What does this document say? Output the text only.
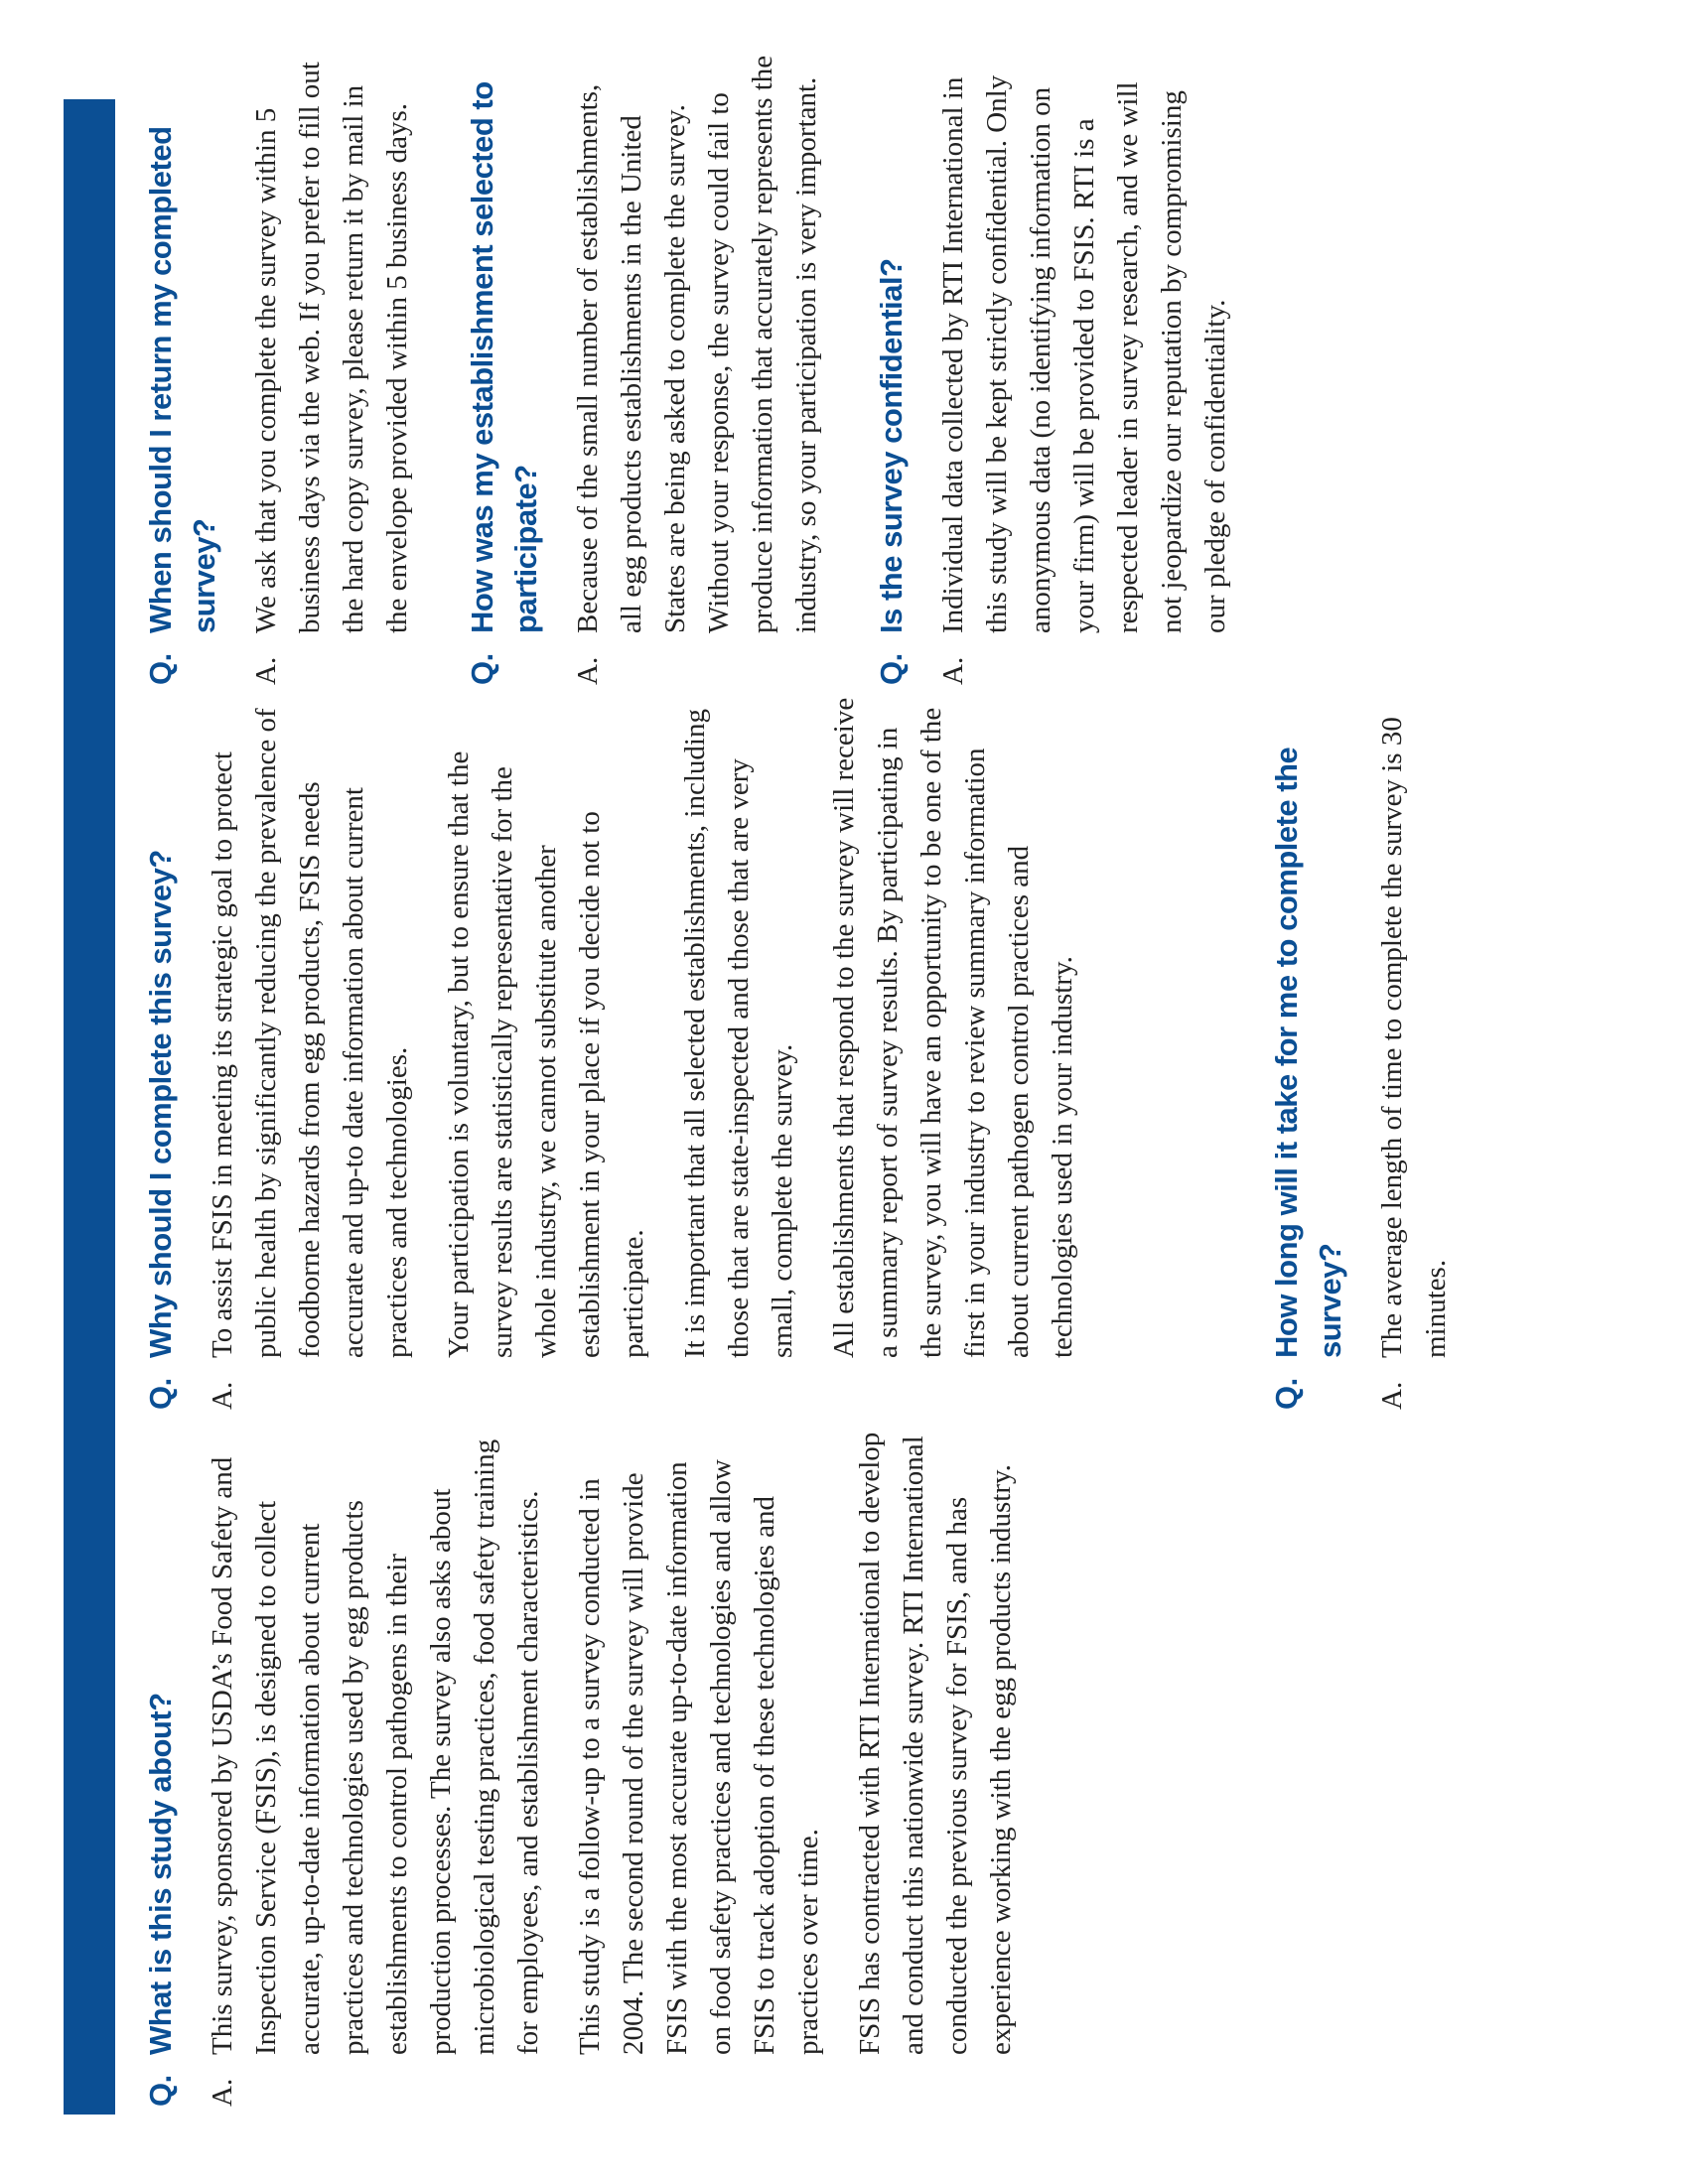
Q.
What is this study about?
A.

This survey, sponsored by USDA’s Food Safety and Inspection Service (FSIS), is designed to collect accurate, up-to-date information about current practices and technologies used by egg products establishments to control pathogens in their production processes. The survey also asks about microbiological testing practices, food safety training for employees, and establishment characteristics. This study is a follow-up to a survey conducted in 2004. The second round of the survey will provide FSIS with the most accurate up-to-date information on food safety practices and technologies and allow FSIS to track adoption of these technologies and practices over time. FSIS has contracted with RTI International to develop and conduct this nationwide survey. RTI International conducted the previous survey for FSIS, and has experience working with the egg products industry.

Q.
Why should I complete this survey?
A.

To assist FSIS in meeting its strategic goal to protect public health by significantly reducing the prevalence of foodborne hazards from egg products, FSIS needs accurate and up-to date information about current practices and technologies. Your participation is voluntary, but to ensure that the survey results are statistically representative for the whole industry, we cannot substitute another establishment in your place if you decide not to participate. It is important that all selected establishments, including those that are state-inspected and those that are very small, complete the survey. All establishments that respond to the survey will receive a summary report of survey results. By participating in the survey, you will have an opportunity to be one of the first in your industry to review summary information about current pathogen control practices and technologies used in your industry.

Q.
How long will it take for me to complete the survey?
A.

The average length of time to complete the survey is 30 minutes.

Q.
When should I return my completed survey?
A.

We ask that you complete the survey within 5 business days via the web. If you prefer to fill out the hard copy survey, please return it by mail in the envelope provided within 5 business days.

Q.
How was my establishment selected to participate?
A.

Because of the small number of establishments, all egg products establishments in the United States are being asked to complete the survey. Without your response, the survey could fail to produce information that accurately represents the industry, so your participation is very important.

Q.
Is the survey confidential?
A.

Individual data collected by RTI International in this study will be kept strictly confidential. Only anonymous data (no identifying information on your firm) will be provided to FSIS. RTI is a respected leader in survey research, and we will not jeopardize our reputation by compromising our pledge of confidentiality.
